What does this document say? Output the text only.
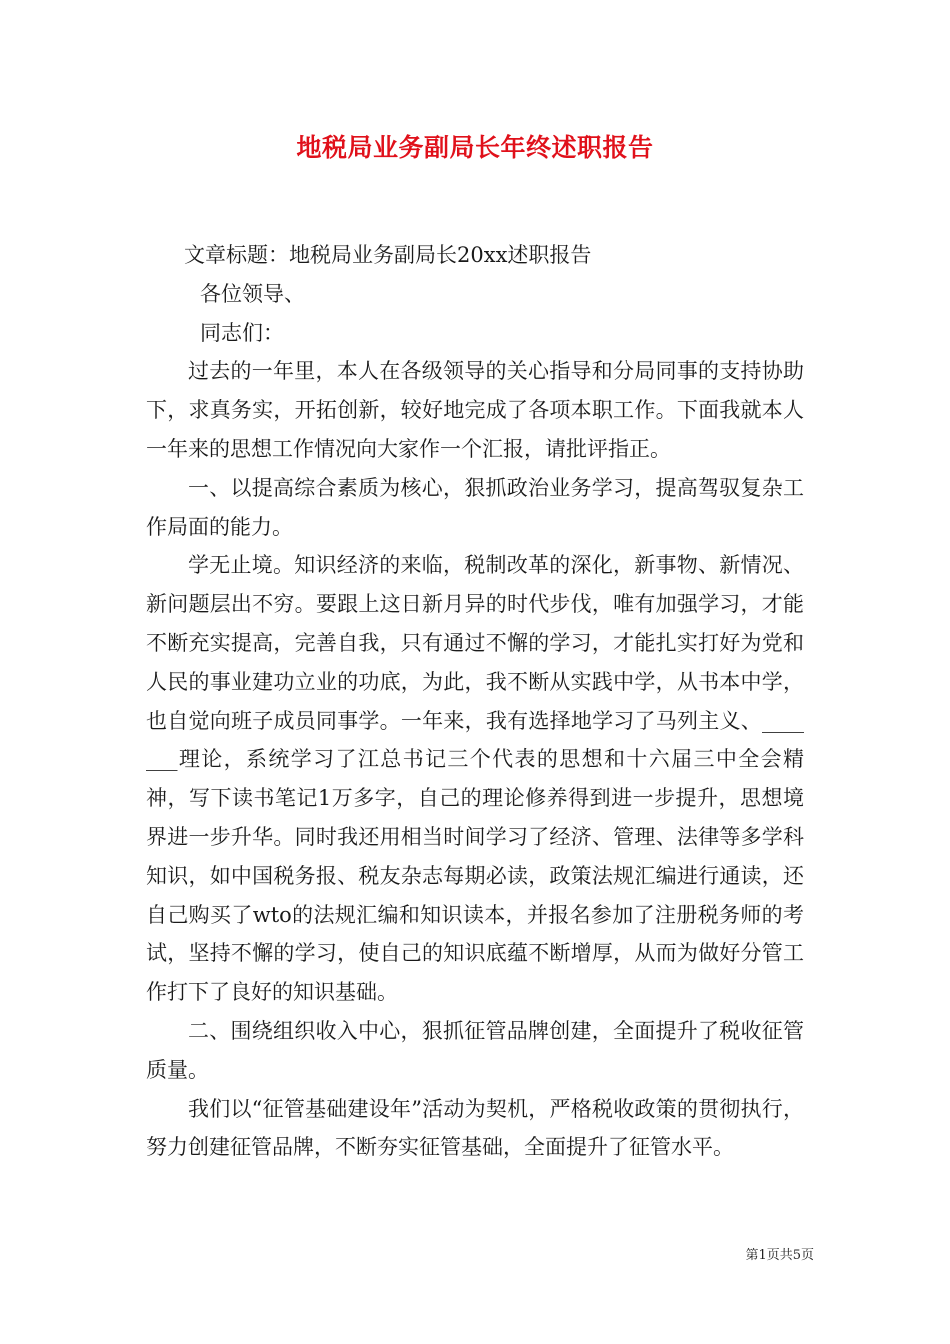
地税局业务副局长年终述职报告

文章标题：地税局业务副局长20xx述职报告

各位领导、

同志们：

过去的一年里，本人在各级领导的关心指导和分局同事的支持协助下，求真务实，开拓创新，较好地完成了各项本职工作。下面我就本人一年来的思想工作情况向大家作一个汇报，请批评指正。

一、以提高综合素质为核心，狠抓政治业务学习，提高驾驭复杂工作局面的能力。

学无止境。知识经济的来临，税制改革的深化，新事物、新情况、新问题层出不穷。要跟上这日新月异的时代步伐，唯有加强学习，才能不断充实提高，完善自我，只有通过不懈的学习，才能扎实打好为党和人民的事业建功立业的功底，为此，我不断从实践中学，从书本中学，也自觉向班子成员同事学。一年来，我有选择地学习了马列主义、_______理论，系统学习了江总书记三个代表的思想和十六届三中全会精神，写下读书笔记1万多字，自己的理论修养得到进一步提升，思想境界进一步升华。同时我还用相当时间学习了经济、管理、法律等多学科知识，如中国税务报、税友杂志每期必读，政策法规汇编进行通读，还自己购买了wto的法规汇编和知识读本，并报名参加了注册税务师的考试，坚持不懈的学习，使自己的知识底蕴不断增厚，从而为做好分管工作打下了良好的知识基础。

二、围绕组织收入中心，狠抓征管品牌创建，全面提升了税收征管质量。

我们以“征管基础建设年”活动为契机，严格税收政策的贯彻执行，努力创建征管品牌，不断夯实征管基础，全面提升了征管水平。

第1页共5页
